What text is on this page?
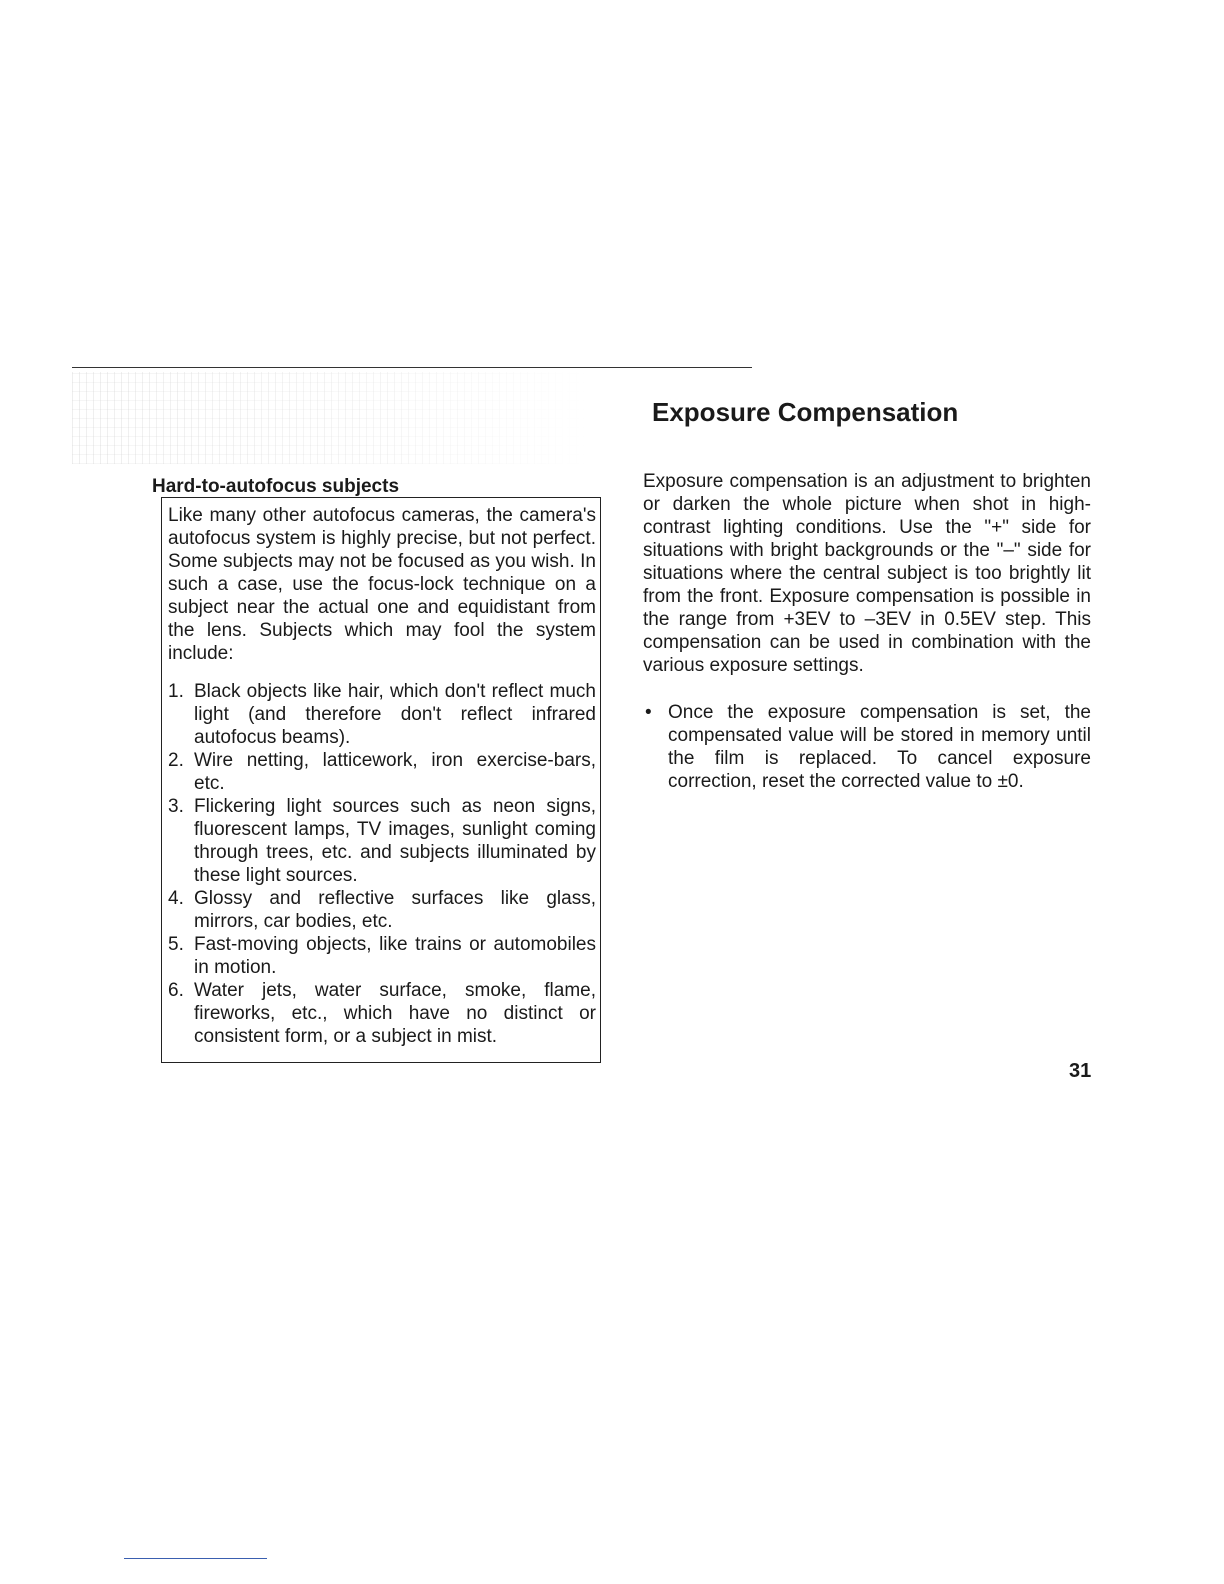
Hard-to-autofocus subjects

Like many other autofocus cameras, the camera's autofocus system is highly precise, but not perfect. Some subjects may not be focused as you wish. In such a case, use the focus-lock technique on a subject near the actual one and equidistant from the lens. Subjects which may fool the system include:

1. Black objects like hair, which don't reflect much light (and therefore don't reflect infrared autofocus beams).
2. Wire netting, latticework, iron exercise-bars, etc.
3. Flickering light sources such as neon signs, fluorescent lamps, TV images, sunlight coming through trees, etc. and subjects illuminated by these light sources.
4. Glossy and reflective surfaces like glass, mirrors, car bodies, etc.
5. Fast-moving objects, like trains or automobiles in motion.
6. Water jets, water surface, smoke, flame, fireworks, etc., which have no distinct or consistent form, or a subject in mist.
Exposure Compensation

Exposure compensation is an adjustment to brighten or darken the whole picture when shot in high-contrast lighting conditions. Use the "+" side for situations with bright backgrounds or the "–" side for situations where the central subject is too brightly lit from the front. Exposure compensation is possible in the range from +3EV to –3EV in 0.5EV step. This compensation can be used in combination with the various exposure settings.

• Once the exposure compensation is set, the compensated value will be stored in memory until the film is replaced. To cancel exposure correction, reset the corrected value to ±0.

31
